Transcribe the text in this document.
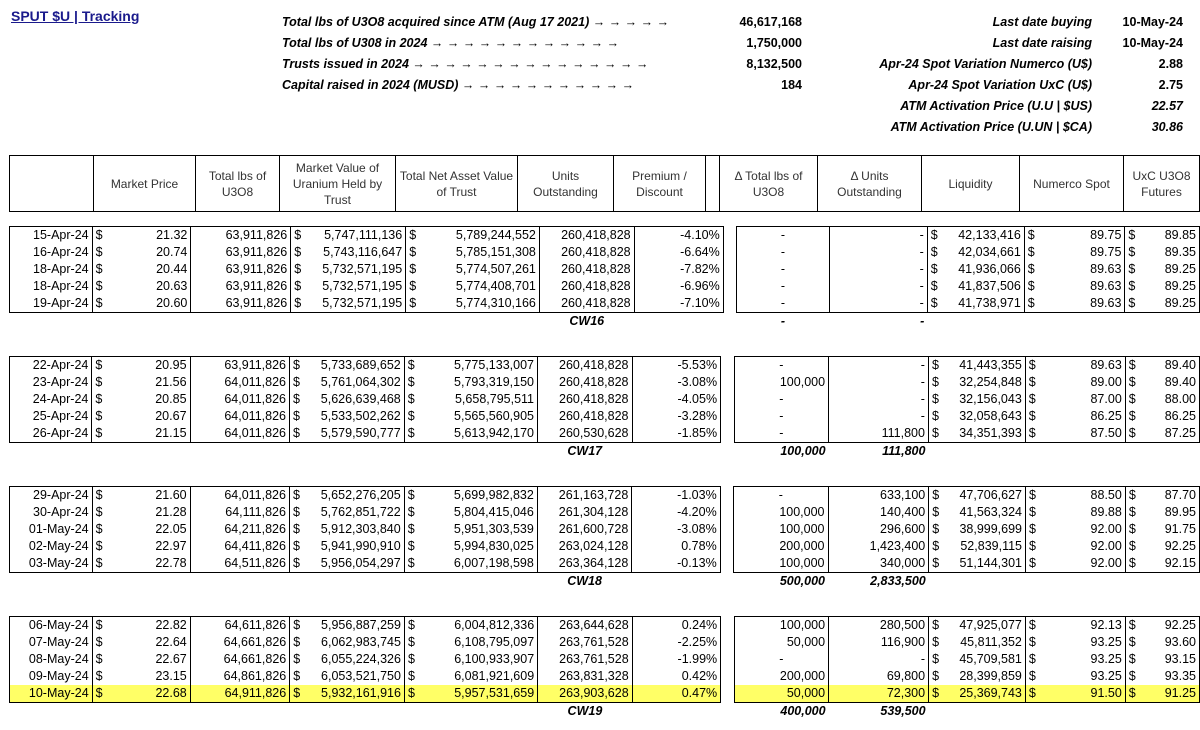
SPUT $U | Tracking	Total lbs of U3O8 acquired since ATM (Aug 17 2021) → → → → →	46,617,168
Total lbs of U308 in 2024 → → → → → → → → → → → →	1,750,000
Trusts issued in 2024 → → → → → → → → → → → → → → →	8,132,500
Capital raised in 2024 (MUSD) → → → → → → → → → → →	184
Last date buying 10-May-24
Last date raising 10-May-24
Apr-24 Spot Variation Numerco (U$)	2.88
Apr-24 Spot Variation UxC (U$)	2.75
ATM Activation Price (U.U | $US)	22.57
ATM Activation Price (U.UN | $CA)	30.86
	Market Price	Total lbs of U3O8	Market Value of Uranium Held by Trust	Total Net Asset Value of Trust	Units Outstanding	Premium / Discount		Δ Total lbs of U3O8	Δ Units Outstanding	Liquidity	Numerco Spot	UxC U3O8 Futures
15-Apr-24	$	21.32	63,911,826	$	5,747,111,136	$	5,789,244,552	260,418,828	-4.10%		-	-	$	42,133,416	$	89.75	$	89.85
16-Apr-24	$	20.74	63,911,826	$	5,743,116,647	$	5,785,151,308	260,418,828	-6.64%		-	-	$	42,034,661	$	89.75	$	89.35
18-Apr-24	$	20.44	63,911,826	$	5,732,571,195	$	5,774,507,261	260,418,828	-7.82%		-	-	$	41,936,066	$	89.63	$	89.25
18-Apr-24	$	20.63	63,911,826	$	5,732,571,195	$	5,774,408,701	260,418,828	-6.96%		-	-	$	41,837,506	$	89.63	$	89.25
19-Apr-24	$	20.60	63,911,826	$	5,732,571,195	$	5,774,310,166	260,418,828	-7.10%		-	-	$	41,738,971	$	89.63	$	89.25
								CW16			-	-						
22-Apr-24	$	20.95	63,911,826	$	5,733,689,652	$	5,775,133,007	260,418,828	-5.53%		-	-	$	41,443,355	$	89.63	$	89.40
23-Apr-24	$	21.56	64,011,826	$	5,761,064,302	$	5,793,319,150	260,418,828	-3.08%		100,000	-	$	32,254,848	$	89.00	$	89.40
24-Apr-24	$	20.85	64,011,826	$	5,626,639,468	$	5,658,795,511	260,418,828	-4.05%		-	-	$	32,156,043	$	87.00	$	88.00
25-Apr-24	$	20.67	64,011,826	$	5,533,502,262	$	5,565,560,905	260,418,828	-3.28%		-	-	$	32,058,643	$	86.25	$	86.25
26-Apr-24	$	21.15	64,011,826	$	5,579,590,777	$	5,613,942,170	260,530,628	-1.85%		-	111,800	$	34,351,393	$	87.50	$	87.25
								CW17			100,000	111,800						
29-Apr-24	$	21.60	64,011,826	$	5,652,276,205	$	5,699,982,832	261,163,728	-1.03%		-	633,100	$	47,706,627	$	88.50	$	87.70
30-Apr-24	$	21.28	64,111,826	$	5,762,851,722	$	5,804,415,046	261,304,128	-4.20%		100,000	140,400	$	41,563,324	$	89.88	$	89.95
01-May-24	$	22.05	64,211,826	$	5,912,303,840	$	5,951,303,539	261,600,728	-3.08%		100,000	296,600	$	38,999,699	$	92.00	$	91.75
02-May-24	$	22.97	64,411,826	$	5,941,990,910	$	5,994,830,025	263,024,128	0.78%		200,000	1,423,400	$	52,839,115	$	92.00	$	92.25
03-May-24	$	22.78	64,511,826	$	5,956,054,297	$	6,007,198,598	263,364,128	-0.13%		100,000	340,000	$	51,144,301	$	92.00	$	92.15
								CW18			500,000	2,833,500						
06-May-24	$	22.82	64,611,826	$	5,956,887,259	$	6,004,812,336	263,644,628	0.24%		100,000	280,500	$	47,925,077	$	92.13	$	92.25
07-May-24	$	22.64	64,661,826	$	6,062,983,745	$	6,108,795,097	263,761,528	-2.25%		50,000	116,900	$	45,811,352	$	93.25	$	93.60
08-May-24	$	22.67	64,661,826	$	6,055,224,326	$	6,100,933,907	263,761,528	-1.99%		-	-	$	45,709,581	$	93.25	$	93.15
09-May-24	$	23.15	64,861,826	$	6,053,521,750	$	6,081,921,609	263,831,328	0.42%		200,000	69,800	$	28,399,859	$	93.25	$	93.35
10-May-24	$	22.68	64,911,826	$	5,932,161,916	$	5,957,531,659	263,903,628	0.47%		50,000	72,300	$	25,369,743	$	91.50	$	91.25
								CW19			400,000	539,500						
